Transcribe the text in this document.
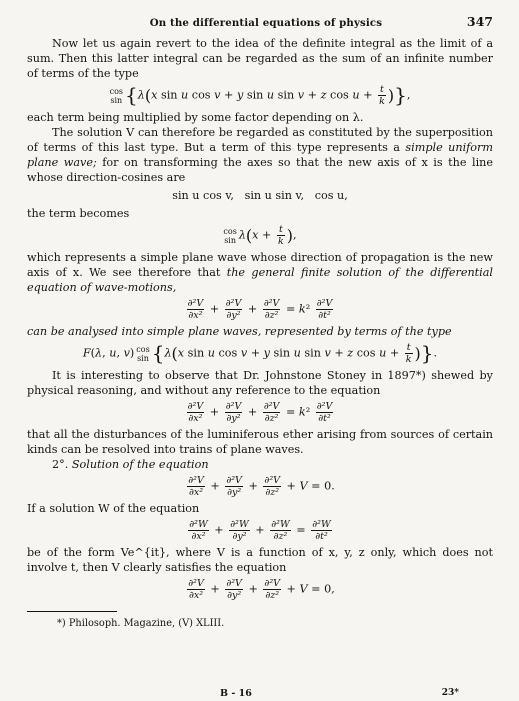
On the differential equations of physics	347

Now let us again revert to the idea of the definite integral as the limit of a sum. Then this latter integral can be regarded as the sum of an infinite number of terms of the type

cos
sin {λ(x sin u cos v + y sin u sin v + z $\cos u + \frac{t}{k}$ )},

each term being multiplied by some factor depending on λ.

The solution V can therefore be regarded as constituted by the superposition of terms of this last type. But a term of this type represents a simple uniform plane wave; for on transforming the axes so that the new axis of x is the line whose direction-cosines are

sin u cos v,   sin u sin v,   cos u,

the term becomes

cos
$\sin \lambda(x + \frac{t}{k}$ ),

which represents a simple plane wave whose direction of propagation is the new axis of x. We see therefore that the general finite solution of the differential equation of wave-motions,

$\frac{\text{∂²V}}{\text{∂x²}} + \frac{\text{∂²V}}{\text{∂y²}} + \frac{\text{∂²V}}{\text{∂z²}} = k^2 \frac{\text{∂²V}}{\text{∂t²}}$

can be analysed into simple plane waves, represented by terms of the type

F(λ, u, v) cos
sin {λ(x sin u cos v + y sin u sin v + z $\cos u + \frac{t}{k}$ )}.

It is interesting to observe that Dr. Johnstone Stoney in 1897*) shewed by physical reasoning, and without any reference to the equation

$\frac{\text{∂²V}}{\text{∂x²}} + \frac{\text{∂²V}}{\text{∂y²}} + \frac{\text{∂²V}}{\text{∂z²}} = k^2 \frac{\text{∂²V}}{\text{∂t²}}$

that all the disturbances of the luminiferous ether arising from sources of certain kinds can be resolved into trains of plane waves.

2°. Solution of the equation

$\frac{\text{∂²V}}{\text{∂x²}} + \frac{\text{∂²V}}{\text{∂y²}} + \frac{\text{∂²V}}{\text{∂z²}} + V = 0$.

If a solution W of the equation

$\frac{\text{∂²W}}{\text{∂x²}} + \frac{\text{∂²W}}{\text{∂y²}} + \frac{\text{∂²W}}{\text{∂z²}} = \frac{\text{∂²W}}{\text{∂t²}}$

be of the form Ve^{it}, where V is a function of x, y, z only, which does not involve t, then V clearly satisfies the equation

$\frac{\text{∂²V}}{\text{∂x²}} + \frac{\text{∂²V}}{\text{∂y²}} + \frac{\text{∂²V}}{\text{∂z²}} + V = 0$,

*) Philosoph. Magazine, (V) XLIII.

B - 16	23*
